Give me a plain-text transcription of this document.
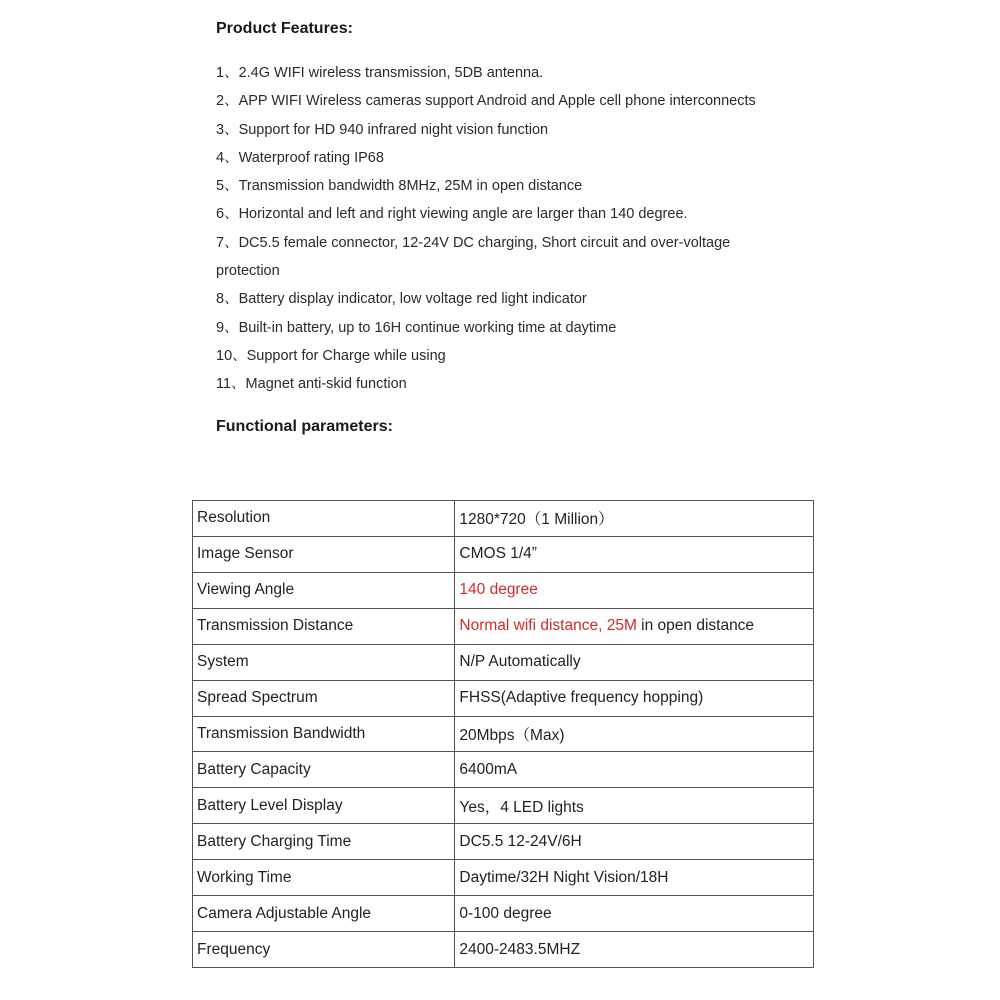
Product Features:
1、2.4G WIFI wireless transmission, 5DB antenna.
2、APP WIFI Wireless cameras support Android and Apple cell phone interconnects
3、Support for HD 940 infrared night vision function
4、Waterproof rating IP68
5、Transmission bandwidth 8MHz, 25M in open distance
6、Horizontal and left and right viewing angle are larger than 140 degree.
7、DC5.5 female connector, 12-24V DC charging, Short circuit and over-voltage
protection
8、Battery display indicator, low voltage red light indicator
9、Built-in battery, up to 16H continue working time at daytime
10、Support for Charge while using
11、Magnet anti-skid function
Functional parameters:
Resolution	1280*720（1 Million）
Image Sensor	CMOS 1/4”
Viewing Angle	140 degree
Transmission Distance	Normal wifi distance, 25M in open distance
System	N/P Automatically
Spread Spectrum	FHSS(Adaptive frequency hopping)
Transmission Bandwidth	20Mbps（Max)
Battery Capacity	6400mA
Battery Level Display	Yes，4 LED lights
Battery Charging Time	DC5.5 12-24V/6H
Working Time	Daytime/32H Night Vision/18H
Camera Adjustable Angle	0-100 degree
Frequency	2400-2483.5MHZ
